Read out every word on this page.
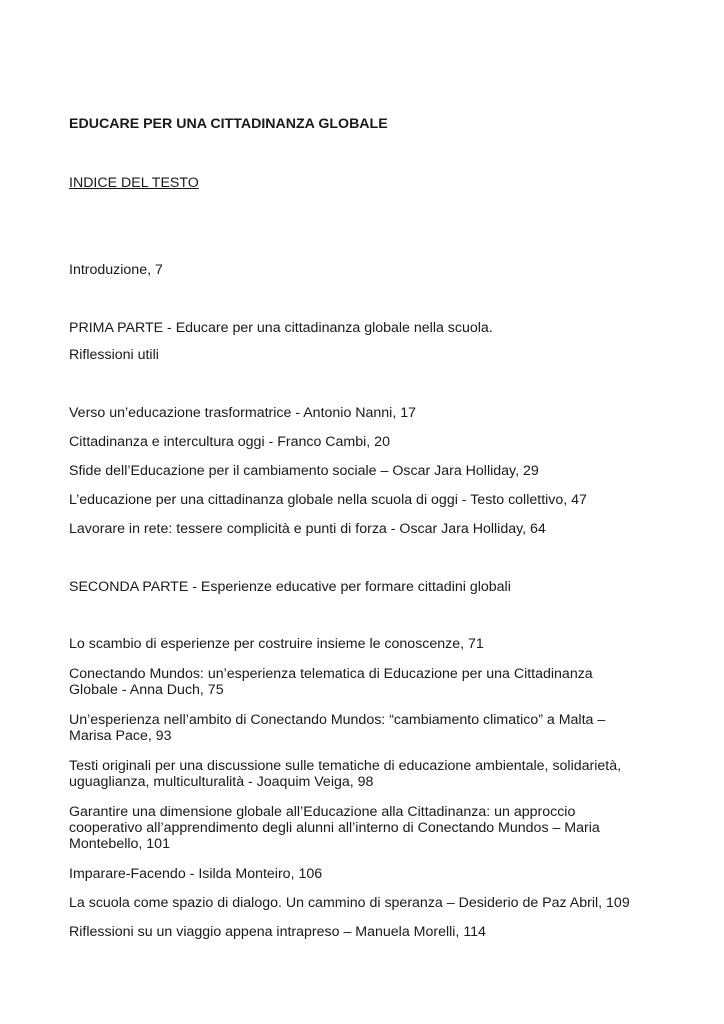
EDUCARE PER UNA CITTADINANZA GLOBALE
INDICE DEL TESTO
Introduzione, 7
PRIMA PARTE - Educare per una cittadinanza globale nella scuola.
Riflessioni utili
Verso un’educazione trasformatrice - Antonio Nanni, 17
Cittadinanza e intercultura oggi - Franco Cambi, 20
Sfide dell’Educazione per il cambiamento sociale – Oscar Jara Holliday, 29
L’educazione per una cittadinanza globale nella scuola di oggi - Testo collettivo, 47
Lavorare in rete: tessere complicità e punti di forza - Oscar Jara Holliday, 64
SECONDA PARTE - Esperienze educative per formare cittadini globali
Lo scambio di esperienze per costruire insieme le conoscenze, 71
Conectando Mundos: un’esperienza telematica di Educazione per una Cittadinanza Globale - Anna Duch, 75
Un’esperienza nell’ambito di Conectando Mundos: “cambiamento climatico” a Malta – Marisa Pace, 93
Testi originali per una discussione sulle tematiche di educazione ambientale, solidarietà, uguaglianza, multiculturalità - Joaquim Veiga, 98
Garantire una dimensione globale all’Educazione alla Cittadinanza: un approccio cooperativo all’apprendimento degli alunni all’interno di Conectando Mundos – Maria Montebello, 101
Imparare-Facendo - Isilda Monteiro, 106
La scuola come spazio di dialogo. Un cammino di speranza – Desiderio de Paz Abril, 109
Riflessioni su un viaggio appena intrapreso – Manuela Morelli, 114
